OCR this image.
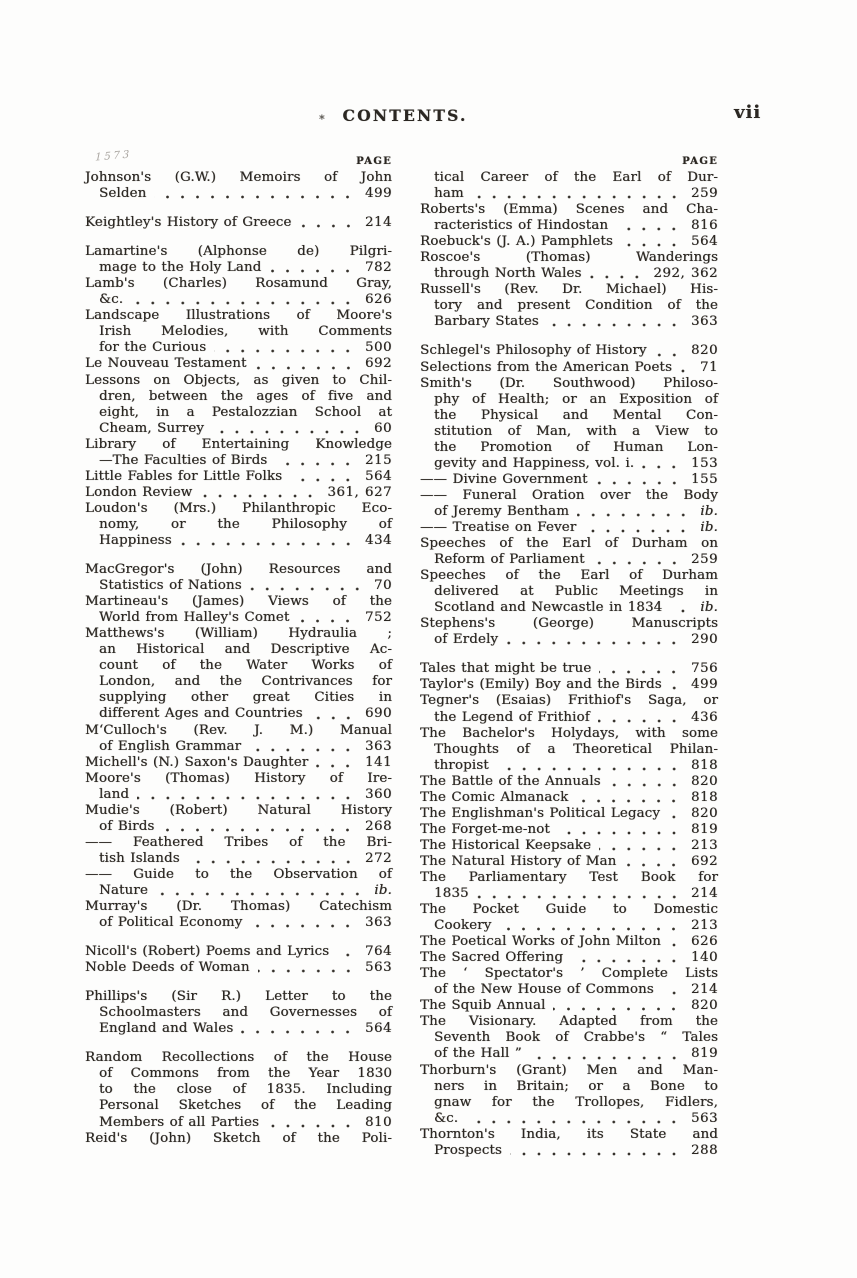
* CONTENTS.	vii
1573	PAGE
Johnson's (G.W.) Memoirs of John
Selden	499
Keightley's History of Greece	214
Lamartine's (Alphonse de) Pilgri-
mage to the Holy Land	782
Lamb's (Charles) Rosamund Gray,
&c.	626
Landscape Illustrations of Moore's
Irish Melodies, with Comments
for the Curious	500
Le Nouveau Testament	692
Lessons on Objects, as given to Chil-
dren, between the ages of five and
eight, in a Pestalozzian School at
Cheam, Surrey	60
Library of Entertaining Knowledge
—The Faculties of Birds	215
Little Fables for Little Folks	564
London Review	361, 627
Loudon's (Mrs.) Philanthropic Eco-
nomy, or the Philosophy of
Happiness	434
MacGregor's (John) Resources and
Statistics of Nations	70
Martineau's (James) Views of the
World from Halley's Comet	752
Matthews's (William) Hydraulia ;
an Historical and Descriptive Ac-
count of the Water Works of
London, and the Contrivances for
supplying other great Cities in
different Ages and Countries	690
M‘Culloch's (Rev. J. M.) Manual
of English Grammar	363
Michell's (N.) Saxon's Daughter	141
Moore's (Thomas) History of Ire-
land	360
Mudie's (Robert) Natural History
of Birds	268
—— Feathered Tribes of the Bri-
tish Islands	272
—— Guide to the Observation of
Nature	ib.
Murray's (Dr. Thomas) Catechism
of Political Economy	363
Nicoll's (Robert) Poems and Lyrics	764
Noble Deeds of Woman	563
Phillips's (Sir R.) Letter to the
Schoolmasters and Governesses of
England and Wales	564
Random Recollections of the House
of Commons from the Year 1830
to the close of 1835. Including
Personal Sketches of the Leading
Members of all Parties	810
Reid's (John) Sketch of the Poli-
PAGE
tical Career of the Earl of Dur-
ham	259
Roberts's (Emma) Scenes and Cha-
racteristics of Hindostan	816
Roebuck's (J. A.) Pamphlets	564
Roscoe's (Thomas) Wanderings
through North Wales	292, 362
Russell's (Rev. Dr. Michael) His-
tory and present Condition of the
Barbary States	363
Schlegel's Philosophy of History	820
Selections from the American Poets 71
Smith's (Dr. Southwood) Philoso-
phy of Health; or an Exposition of
the Physical and Mental Con-
stitution of Man, with a View to
the Promotion of Human Lon-
gevity and Happiness, vol. i.	153
—— Divine Government	155
—— Funeral Oration over the Body
of Jeremy Bentham	ib.
—— Treatise on Fever	ib.
Speeches of the Earl of Durham on
Reform of Parliament	259
Speeches of the Earl of Durham
delivered at Public Meetings in
Scotland and Newcastle in 1834	ib.
Stephens's (George) Manuscripts
of Erdely	290
Tales that might be true	756
Taylor's (Emily) Boy and the Birds 499
Tegner's (Esaias) Frithiof's Saga, or
the Legend of Frithiof	436
The Bachelor's Holydays, with some
Thoughts of a Theoretical Philan-
thropist	818
The Battle of the Annuals	820
The Comic Almanack	818
The Englishman's Political Legacy 820
The Forget-me-not	819
The Historical Keepsake	213
The Natural History of Man	692
The Parliamentary Test Book for
1835	214
The Pocket Guide to Domestic
Cookery	213
The Poetical Works of John Milton 626
The Sacred Offering	140
The ‘ Spectator's ’ Complete Lists
of the New House of Commons	214
The Squib Annual	820
The Visionary. Adapted from the
Seventh Book of Crabbe's “ Tales
of the Hall ”	819
Thorburn's (Grant) Men and Man-
ners in Britain; or a Bone to
gnaw for the Trollopes, Fidlers,
&c.	563
Thornton's India, its State and
Prospects	288
